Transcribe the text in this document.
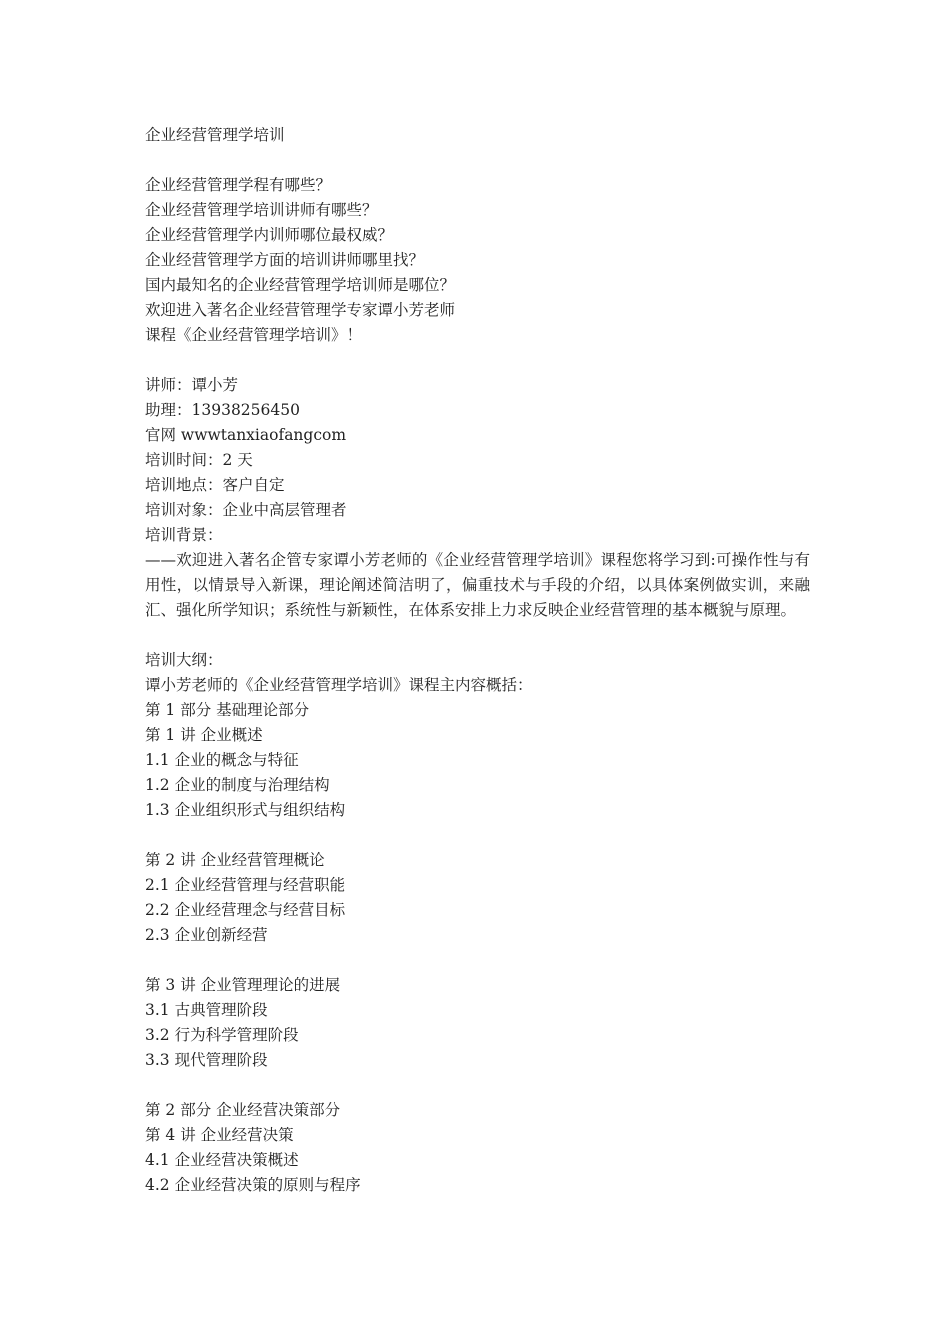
企业经营管理学培训
企业经营管理学程有哪些？
企业经营管理学培训讲师有哪些？
企业经营管理学内训师哪位最权威？
企业经营管理学方面的培训讲师哪里找？
国内最知名的企业经营管理学培训师是哪位？
欢迎进入著名企业经营管理学专家谭小芳老师
课程《企业经营管理学培训》！
讲师：谭小芳
助理：13938256450
官网 wwwtanxiaofangcom
培训时间：2 天
培训地点：客户自定
培训对象：企业中高层管理者
培训背景：
——欢迎进入著名企管专家谭小芳老师的《企业经营管理学培训》课程您将学习到:可操作性与有用性，以情景导入新课，理论阐述简洁明了，偏重技术与手段的介绍，以具体案例做实训，来融汇、强化所学知识；系统性与新颖性，在体系安排上力求反映企业经营管理的基本概貌与原理。
培训大纲：
谭小芳老师的《企业经营管理学培训》课程主内容概括：
第 1 部分 基础理论部分
第 1 讲 企业概述
1.1 企业的概念与特征
1.2 企业的制度与治理结构
1.3 企业组织形式与组织结构
第 2 讲 企业经营管理概论
2.1 企业经营管理与经营职能
2.2 企业经营理念与经营目标
2.3 企业创新经营
第 3 讲 企业管理理论的进展
3.1 古典管理阶段
3.2 行为科学管理阶段
3.3 现代管理阶段
第 2 部分 企业经营决策部分
第 4 讲 企业经营决策
4.1 企业经营决策概述
4.2 企业经营决策的原则与程序
